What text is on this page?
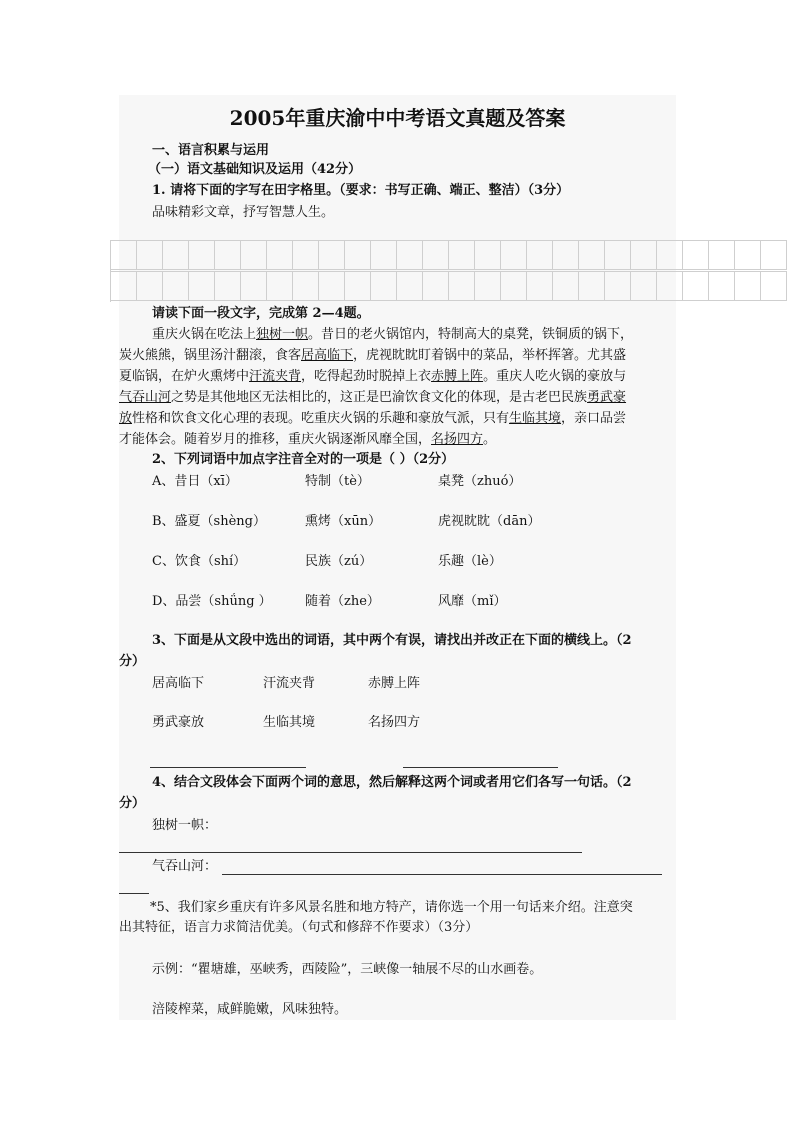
2005年重庆渝中中考语文真题及答案
一、语言积累与运用
（一）语文基础知识及运用（42分）
1. 请将下面的字写在田字格里。（要求：书写正确、端正、整洁）（3分）
品味精彩文章，抒写智慧人生。
请读下面一段文字，完成第 2—4题。
重庆火锅在吃法上独树一帜。昔日的老火锅馆内，特制高大的桌凳，铁铜质的锅下，
炭火熊熊，锅里汤汁翻滚，食客居高临下，虎视眈眈盯着锅中的菜品，举杯挥箸。尤其盛
夏临锅，在炉火熏烤中汗流夹背，吃得起劲时脱掉上衣赤膊上阵。重庆人吃火锅的豪放与
气吞山河之势是其他地区无法相比的，这正是巴渝饮食文化的体现，是古老巴民族勇武豪
放性格和饮食文化心理的表现。吃重庆火锅的乐趣和豪放气派，只有生临其境，亲口品尝
才能体会。随着岁月的推移，重庆火锅逐渐风靡全国，名扬四方。
2、下列词语中加点字注音全对的一项是（ ）（2分）
A、昔日（xī）	特制（tè）	桌凳（zhuó）
B、盛夏（shèng）	熏烤（xūn）	虎视眈眈（dān）
C、饮食（shí）	民族（zú）	乐趣（lè）
D、品尝（shǘng ）	随着（zhe）	风靡（mǐ）
3、下面是从文段中选出的词语，其中两个有误，请找出并改正在下面的横线上。（2
分）
居高临下	汗流夹背	赤膊上阵
勇武豪放	生临其境	名扬四方
4、结合文段体会下面两个词的意思，然后解释这两个词或者用它们各写一句话。（2
分）
独树一帜：
气吞山河：
*5、我们家乡重庆有许多风景名胜和地方特产，请你选一个用一句话来介绍。注意突
出其特征，语言力求简洁优美。（句式和修辞不作要求）（3分）
示例：“瞿塘雄，巫峡秀，西陵险”，三峡像一轴展不尽的山水画卷。
涪陵榨菜，咸鲜脆嫩，风味独特。
